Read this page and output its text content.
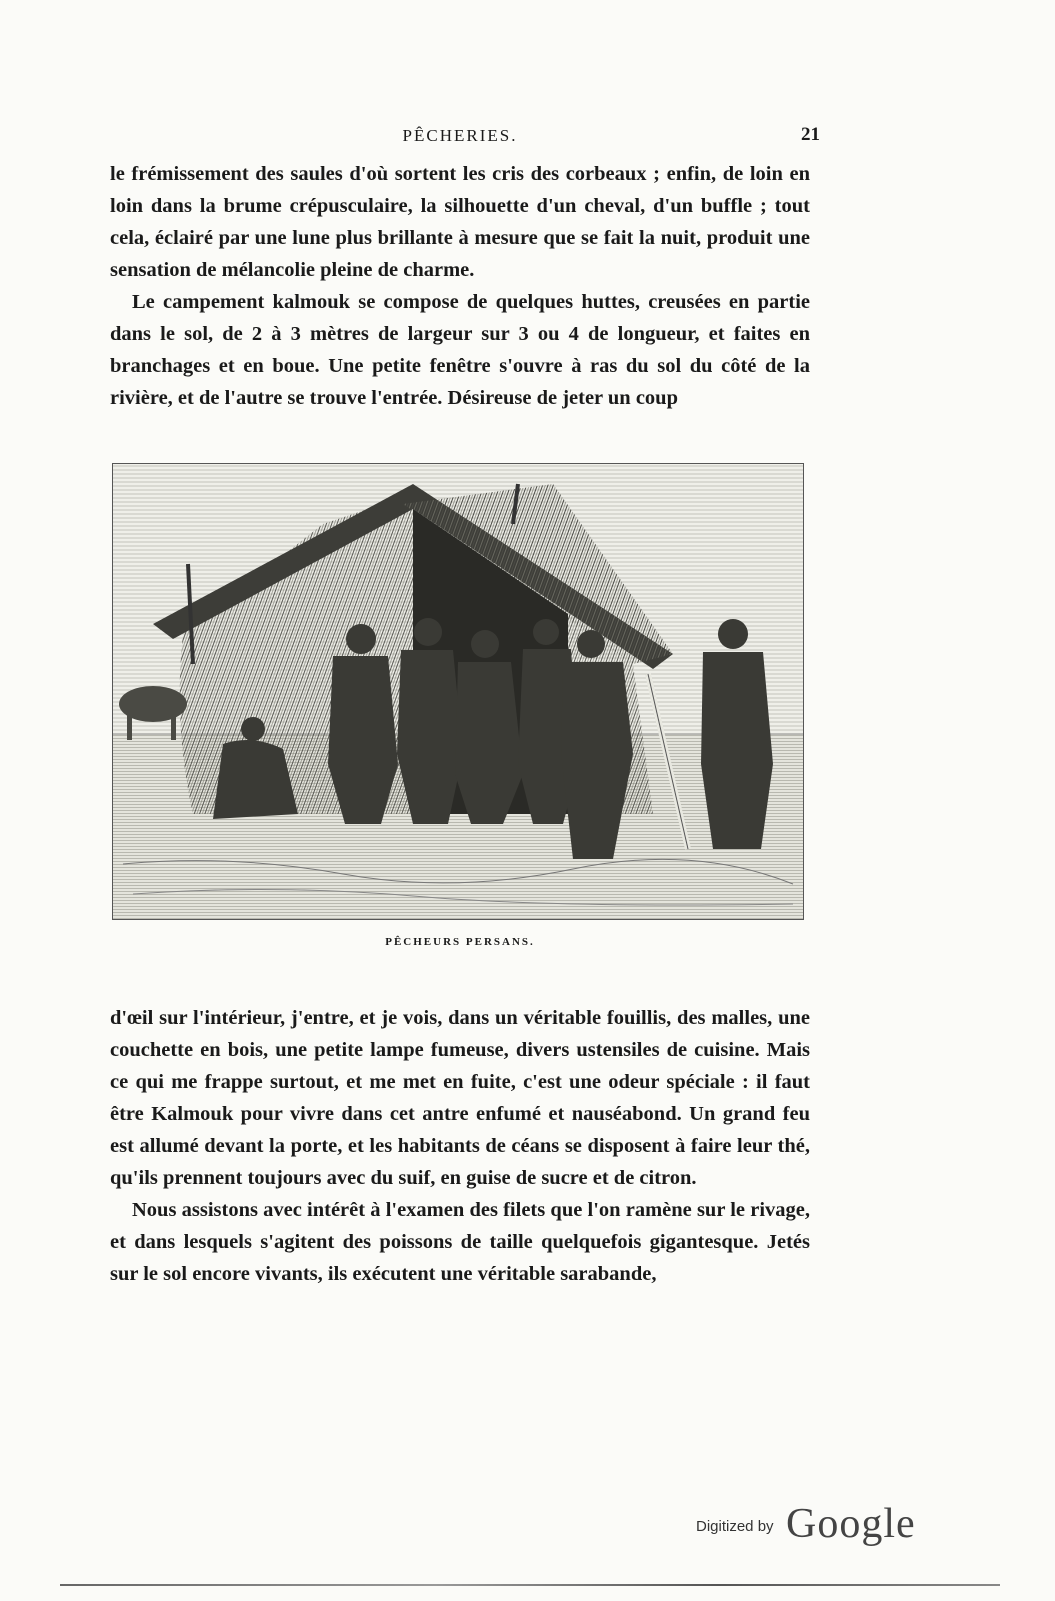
PÊCHERIES.	21

le frémissement des saules d'où sortent les cris des corbeaux ; enfin, de loin en loin dans la brume crépusculaire, la silhouette d'un cheval, d'un buffle ; tout cela, éclairé par une lune plus brillante à mesure que se fait la nuit, produit une sensation de mélancolie pleine de charme.

Le campement kalmouk se compose de quelques huttes, creusées en partie dans le sol, de 2 à 3 mètres de largeur sur 3 ou 4 de longueur, et faites en branchages et en boue. Une petite fenêtre s'ouvre à ras du sol du côté de la rivière, et de l'autre se trouve l'entrée. Désireuse de jeter un coup

PÊCHEURS PERSANS.

d'œil sur l'intérieur, j'entre, et je vois, dans un véritable fouillis, des malles, une couchette en bois, une petite lampe fumeuse, divers ustensiles de cuisine. Mais ce qui me frappe surtout, et me met en fuite, c'est une odeur spéciale : il faut être Kalmouk pour vivre dans cet antre enfumé et nauséabond. Un grand feu est allumé devant la porte, et les habitants de céans se disposent à faire leur thé, qu'ils prennent toujours avec du suif, en guise de sucre et de citron.

Nous assistons avec intérêt à l'examen des filets que l'on ramène sur le rivage, et dans lesquels s'agitent des poissons de taille quelquefois gigantesque. Jetés sur le sol encore vivants, ils exécutent une véritable sarabande,

Digitized by Google
